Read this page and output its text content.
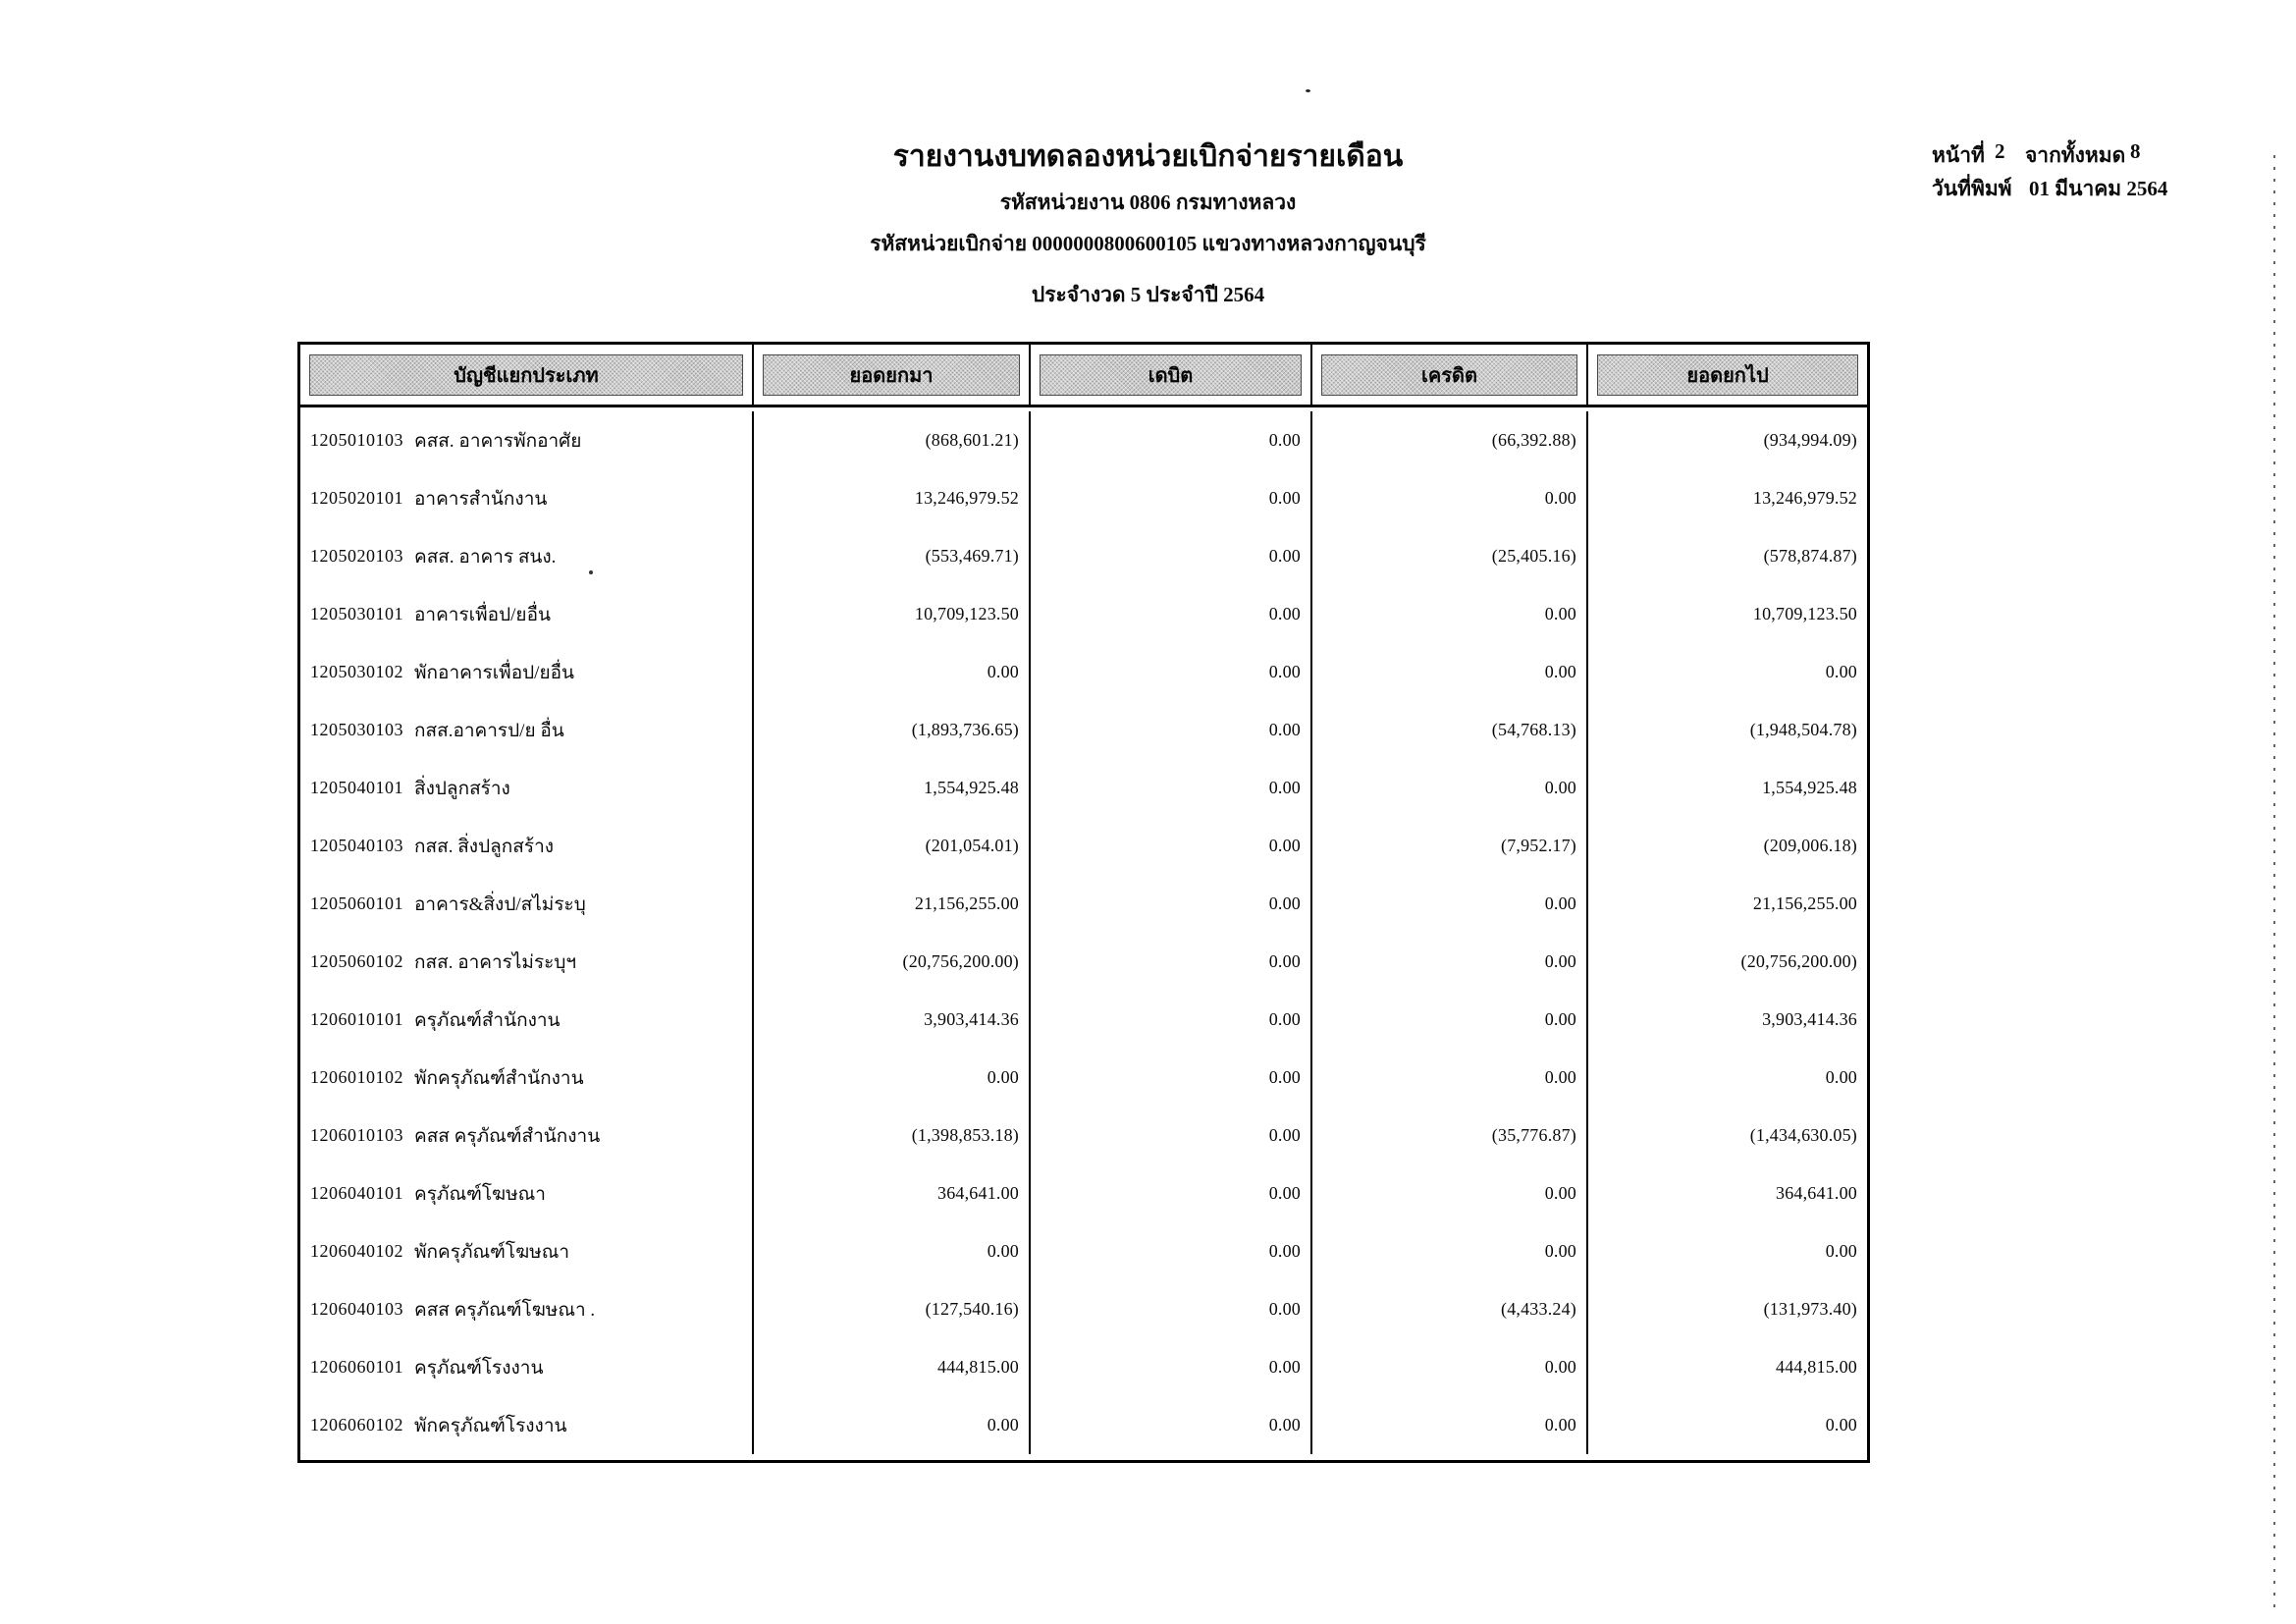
รายงานงบทดลองหน่วยเบิกจ่ายรายเดือน
รหัสหน่วยงาน 0806 กรมทางหลวง
รหัสหน่วยเบิกจ่าย 0000000800600105 แขวงทางหลวงกาญจนบุรี
ประจำงวด 5 ประจำปี 2564
หน้าที่ 2 จากทั้งหมด 8
วันที่พิมพ์ 01 มีนาคม 2564
บัญชีแยกประเภท	ยอดยกมา	เดบิต	เครดิต	ยอดยกไป
1205010103 คสส. อาคารพักอาศัย	(868,601.21)	0.00	(66,392.88)	(934,994.09)
1205020101 อาคารสำนักงาน	13,246,979.52	0.00	0.00	13,246,979.52
1205020103 คสส. อาคาร สนง.	(553,469.71)	0.00	(25,405.16)	(578,874.87)
1205030101 อาคารเพื่อป/ยอื่น	10,709,123.50	0.00	0.00	10,709,123.50
1205030102 พักอาคารเพื่อป/ยอื่น	0.00	0.00	0.00	0.00
1205030103 กสส.อาคารป/ย อื่น	(1,893,736.65)	0.00	(54,768.13)	(1,948,504.78)
1205040101 สิ่งปลูกสร้าง	1,554,925.48	0.00	0.00	1,554,925.48
1205040103 กสส. สิ่งปลูกสร้าง	(201,054.01)	0.00	(7,952.17)	(209,006.18)
1205060101 อาคาร&สิ่งป/สไม่ระบุ	21,156,255.00	0.00	0.00	21,156,255.00
1205060102 กสส. อาคารไม่ระบุฯ	(20,756,200.00)	0.00	0.00	(20,756,200.00)
1206010101 ครุภัณฑ์สำนักงาน	3,903,414.36	0.00	0.00	3,903,414.36
1206010102 พักครุภัณฑ์สำนักงาน	0.00	0.00	0.00	0.00
1206010103 คสส ครุภัณฑ์สำนักงาน	(1,398,853.18)	0.00	(35,776.87)	(1,434,630.05)
1206040101 ครุภัณฑ์โฆษณา	364,641.00	0.00	0.00	364,641.00
1206040102 พักครุภัณฑ์โฆษณา	0.00	0.00	0.00	0.00
1206040103 คสส ครุภัณฑ์โฆษณา .	(127,540.16)	0.00	(4,433.24)	(131,973.40)
1206060101 ครุภัณฑ์โรงงาน	444,815.00	0.00	0.00	444,815.00
1206060102 พักครุภัณฑ์โรงงาน	0.00	0.00	0.00	0.00
